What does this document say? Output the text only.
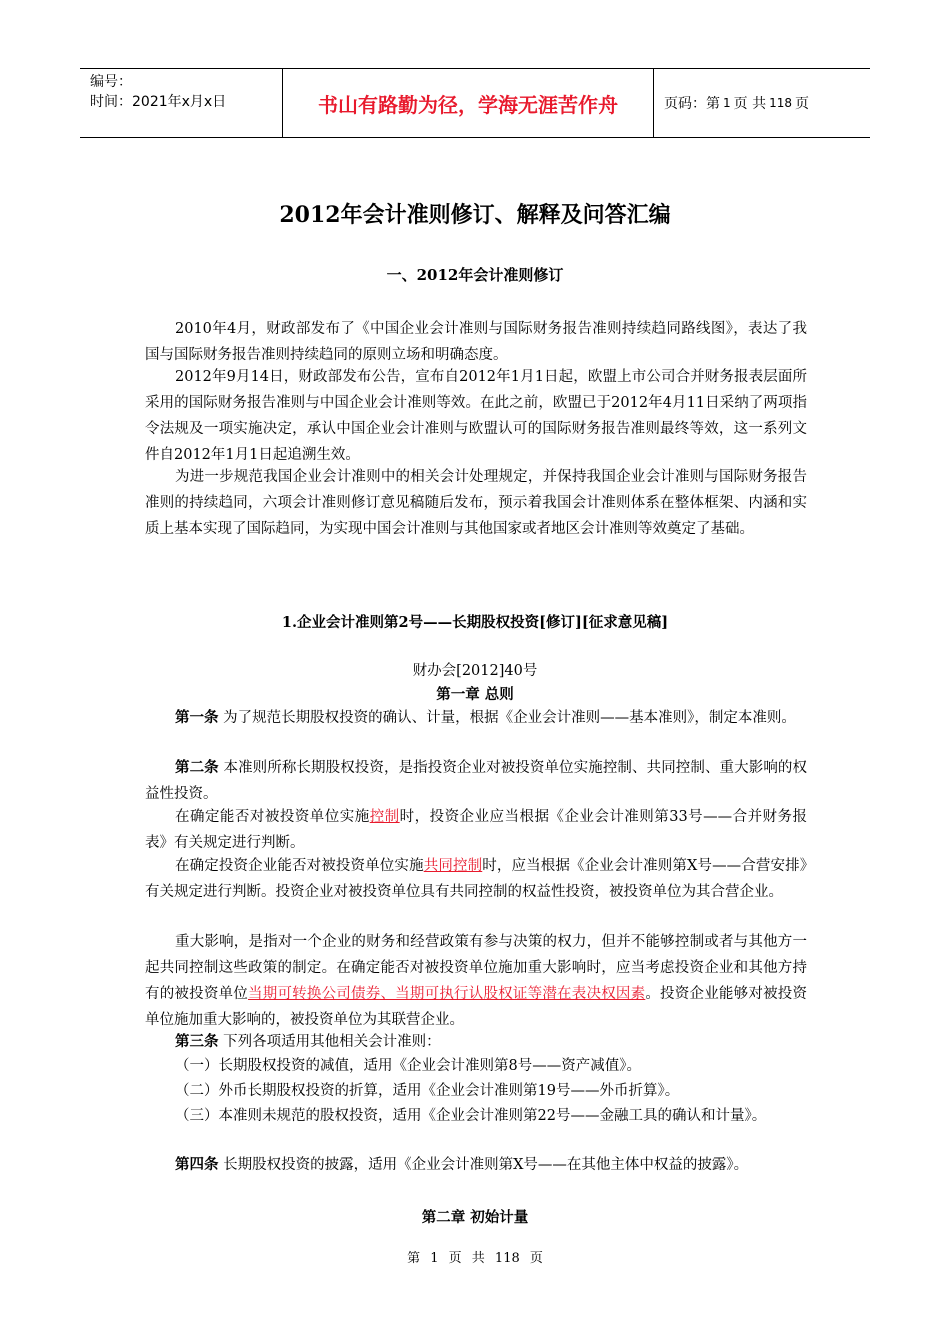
编号：
时间：2021年x月x日	书山有路勤为径，学海无涯苦作舟	页码：第 1 页 共 118 页
2012年会计准则修订、解释及问答汇编
一、2012年会计准则修订

2010年4月，财政部发布了《中国企业会计准则与国际财务报告准则持续趋同路线图》，表达了我国与国际财务报告准则持续趋同的原则立场和明确态度。

2012年9月14日，财政部发布公告，宣布自2012年1月1日起，欧盟上市公司合并财务报表层面所采用的国际财务报告准则与中国企业会计准则等效。在此之前，欧盟已于2012年4月11日采纳了两项指令法规及一项实施决定，承认中国企业会计准则与欧盟认可的国际财务报告准则最终等效，这一系列文件自2012年1月1日起追溯生效。

为进一步规范我国企业会计准则中的相关会计处理规定，并保持我国企业会计准则与国际财务报告准则的持续趋同，六项会计准则修订意见稿随后发布，预示着我国会计准则体系在整体框架、内涵和实质上基本实现了国际趋同，为实现中国会计准则与其他国家或者地区会计准则等效奠定了基础。

1.企业会计准则第2号——长期股权投资[修订][征求意见稿]
财办会[2012]40号
第一章 总则

第一条 为了规范长期股权投资的确认、计量，根据《企业会计准则——基本准则》，制定本准则。

第二条 本准则所称长期股权投资，是指投资企业对被投资单位实施控制、共同控制、重大影响的权益性投资。

在确定能否对被投资单位实施控制时，投资企业应当根据《企业会计准则第33号——合并财务报表》有关规定进行判断。

在确定投资企业能否对被投资单位实施共同控制时，应当根据《企业会计准则第X号——合营安排》有关规定进行判断。投资企业对被投资单位具有共同控制的权益性投资，被投资单位为其合营企业。

重大影响，是指对一个企业的财务和经营政策有参与决策的权力，但并不能够控制或者与其他方一起共同控制这些政策的制定。在确定能否对被投资单位施加重大影响时，应当考虑投资企业和其他方持有的被投资单位当期可转换公司债券、当期可执行认股权证等潜在表决权因素。投资企业能够对被投资单位施加重大影响的，被投资单位为其联营企业。

第三条 下列各项适用其他相关会计准则：

（一）长期股权投资的减值，适用《企业会计准则第8号——资产减值》。

（二）外币长期股权投资的折算，适用《企业会计准则第19号——外币折算》。

（三）本准则未规范的股权投资，适用《企业会计准则第22号——金融工具的确认和计量》。

第四条 长期股权投资的披露，适用《企业会计准则第X号——在其他主体中权益的披露》。

第二章 初始计量
第 1 页 共 118 页
